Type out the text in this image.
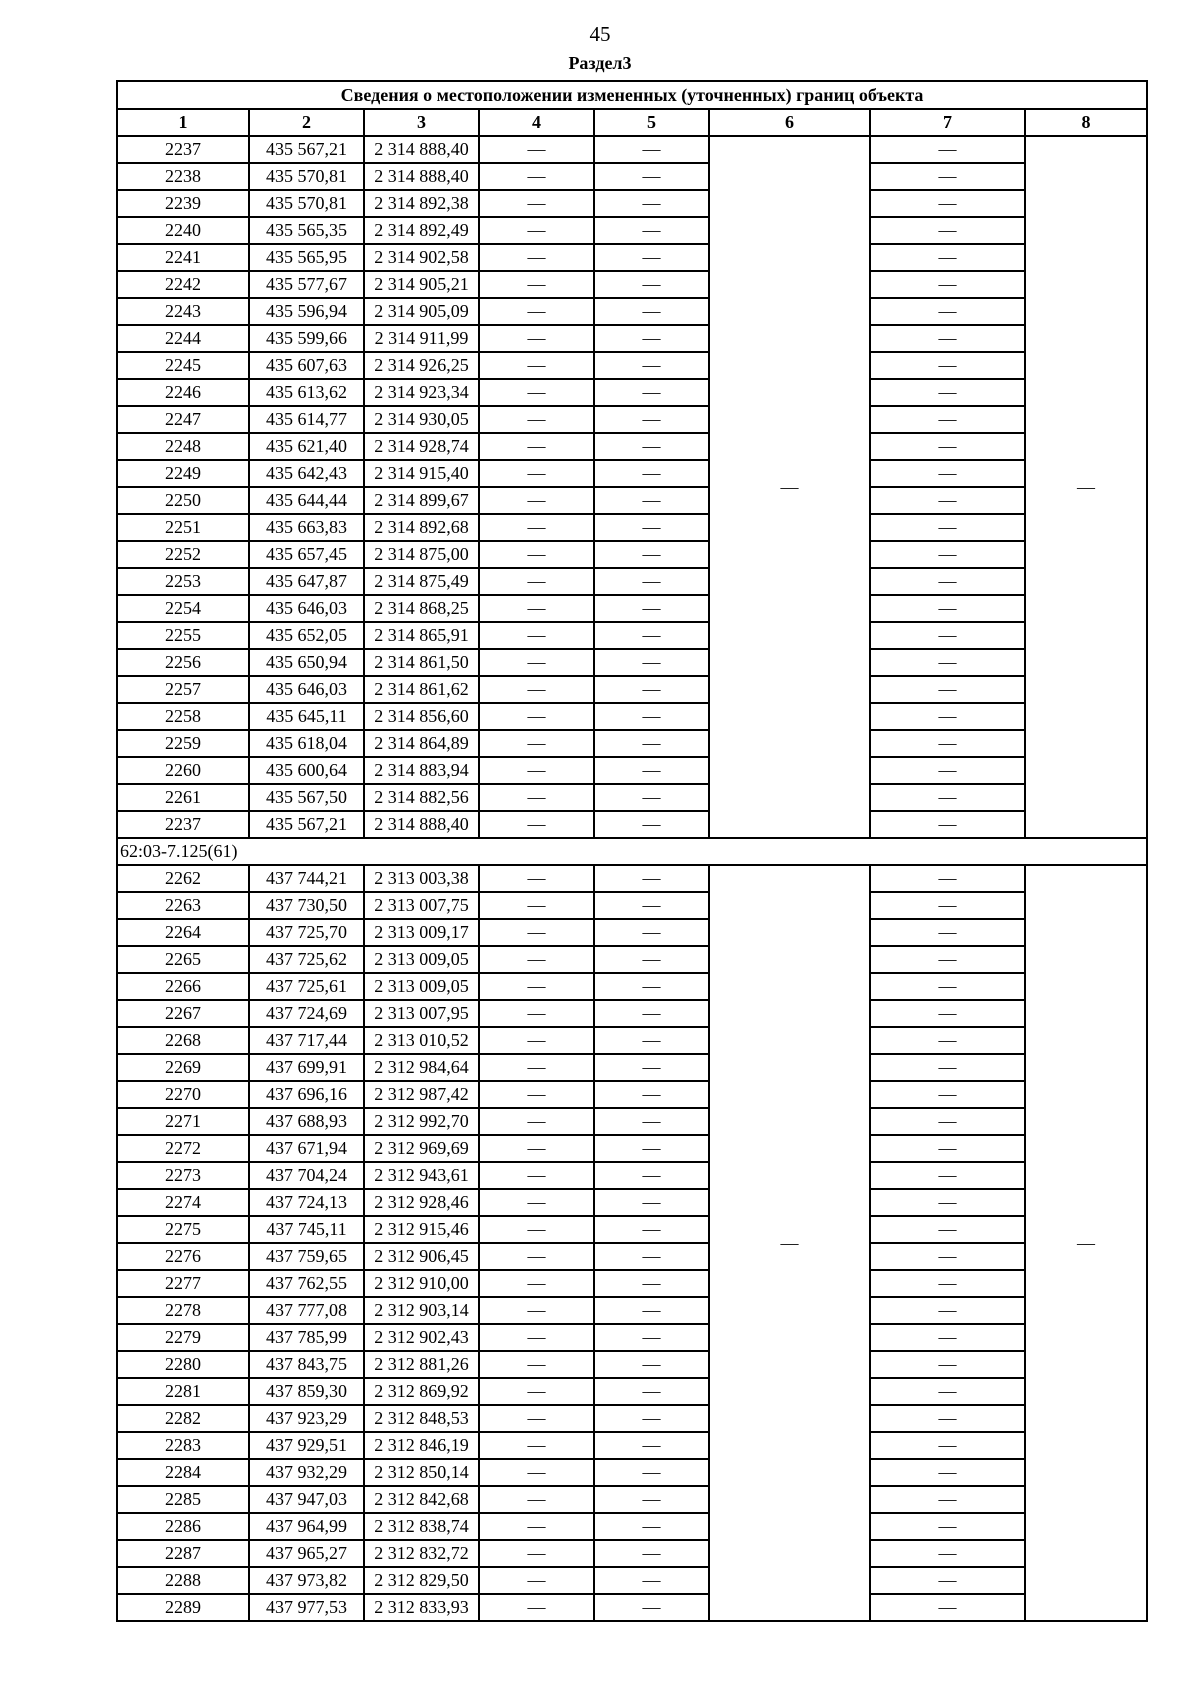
45
Раздел3
Сведения о местоположении измененных (уточненных) границ объекта							
1	2	3	4	5	6	7	8
2237	435 567,21	2 314 888,40	—	—	—	—	—
2238	435 570,81	2 314 888,40	—	—		—	
2239	435 570,81	2 314 892,38	—	—		—	
2240	435 565,35	2 314 892,49	—	—		—	
2241	435 565,95	2 314 902,58	—	—		—	
2242	435 577,67	2 314 905,21	—	—		—	
2243	435 596,94	2 314 905,09	—	—		—	
2244	435 599,66	2 314 911,99	—	—		—	
2245	435 607,63	2 314 926,25	—	—		—	
2246	435 613,62	2 314 923,34	—	—		—	
2247	435 614,77	2 314 930,05	—	—		—	
2248	435 621,40	2 314 928,74	—	—		—	
2249	435 642,43	2 314 915,40	—	—		—	
2250	435 644,44	2 314 899,67	—	—		—	
2251	435 663,83	2 314 892,68	—	—		—	
2252	435 657,45	2 314 875,00	—	—		—	
2253	435 647,87	2 314 875,49	—	—		—	
2254	435 646,03	2 314 868,25	—	—		—	
2255	435 652,05	2 314 865,91	—	—		—	
2256	435 650,94	2 314 861,50	—	—		—	
2257	435 646,03	2 314 861,62	—	—		—	
2258	435 645,11	2 314 856,60	—	—		—	
2259	435 618,04	2 314 864,89	—	—		—	
2260	435 600,64	2 314 883,94	—	—		—	
2261	435 567,50	2 314 882,56	—	—		—	
2237	435 567,21	2 314 888,40	—	—		—	
62:03-7.125(61)							
2262	437 744,21	2 313 003,38	—	—	—	—	—
2263	437 730,50	2 313 007,75	—	—		—	
2264	437 725,70	2 313 009,17	—	—		—	
2265	437 725,62	2 313 009,05	—	—		—	
2266	437 725,61	2 313 009,05	—	—		—	
2267	437 724,69	2 313 007,95	—	—		—	
2268	437 717,44	2 313 010,52	—	—		—	
2269	437 699,91	2 312 984,64	—	—		—	
2270	437 696,16	2 312 987,42	—	—		—	
2271	437 688,93	2 312 992,70	—	—		—	
2272	437 671,94	2 312 969,69	—	—		—	
2273	437 704,24	2 312 943,61	—	—		—	
2274	437 724,13	2 312 928,46	—	—		—	
2275	437 745,11	2 312 915,46	—	—		—	
2276	437 759,65	2 312 906,45	—	—		—	
2277	437 762,55	2 312 910,00	—	—		—	
2278	437 777,08	2 312 903,14	—	—		—	
2279	437 785,99	2 312 902,43	—	—		—	
2280	437 843,75	2 312 881,26	—	—		—	
2281	437 859,30	2 312 869,92	—	—		—	
2282	437 923,29	2 312 848,53	—	—		—	
2283	437 929,51	2 312 846,19	—	—		—	
2284	437 932,29	2 312 850,14	—	—		—	
2285	437 947,03	2 312 842,68	—	—		—	
2286	437 964,99	2 312 838,74	—	—		—	
2287	437 965,27	2 312 832,72	—	—		—	
2288	437 973,82	2 312 829,50	—	—		—	
2289	437 977,53	2 312 833,93	—	—		—	
